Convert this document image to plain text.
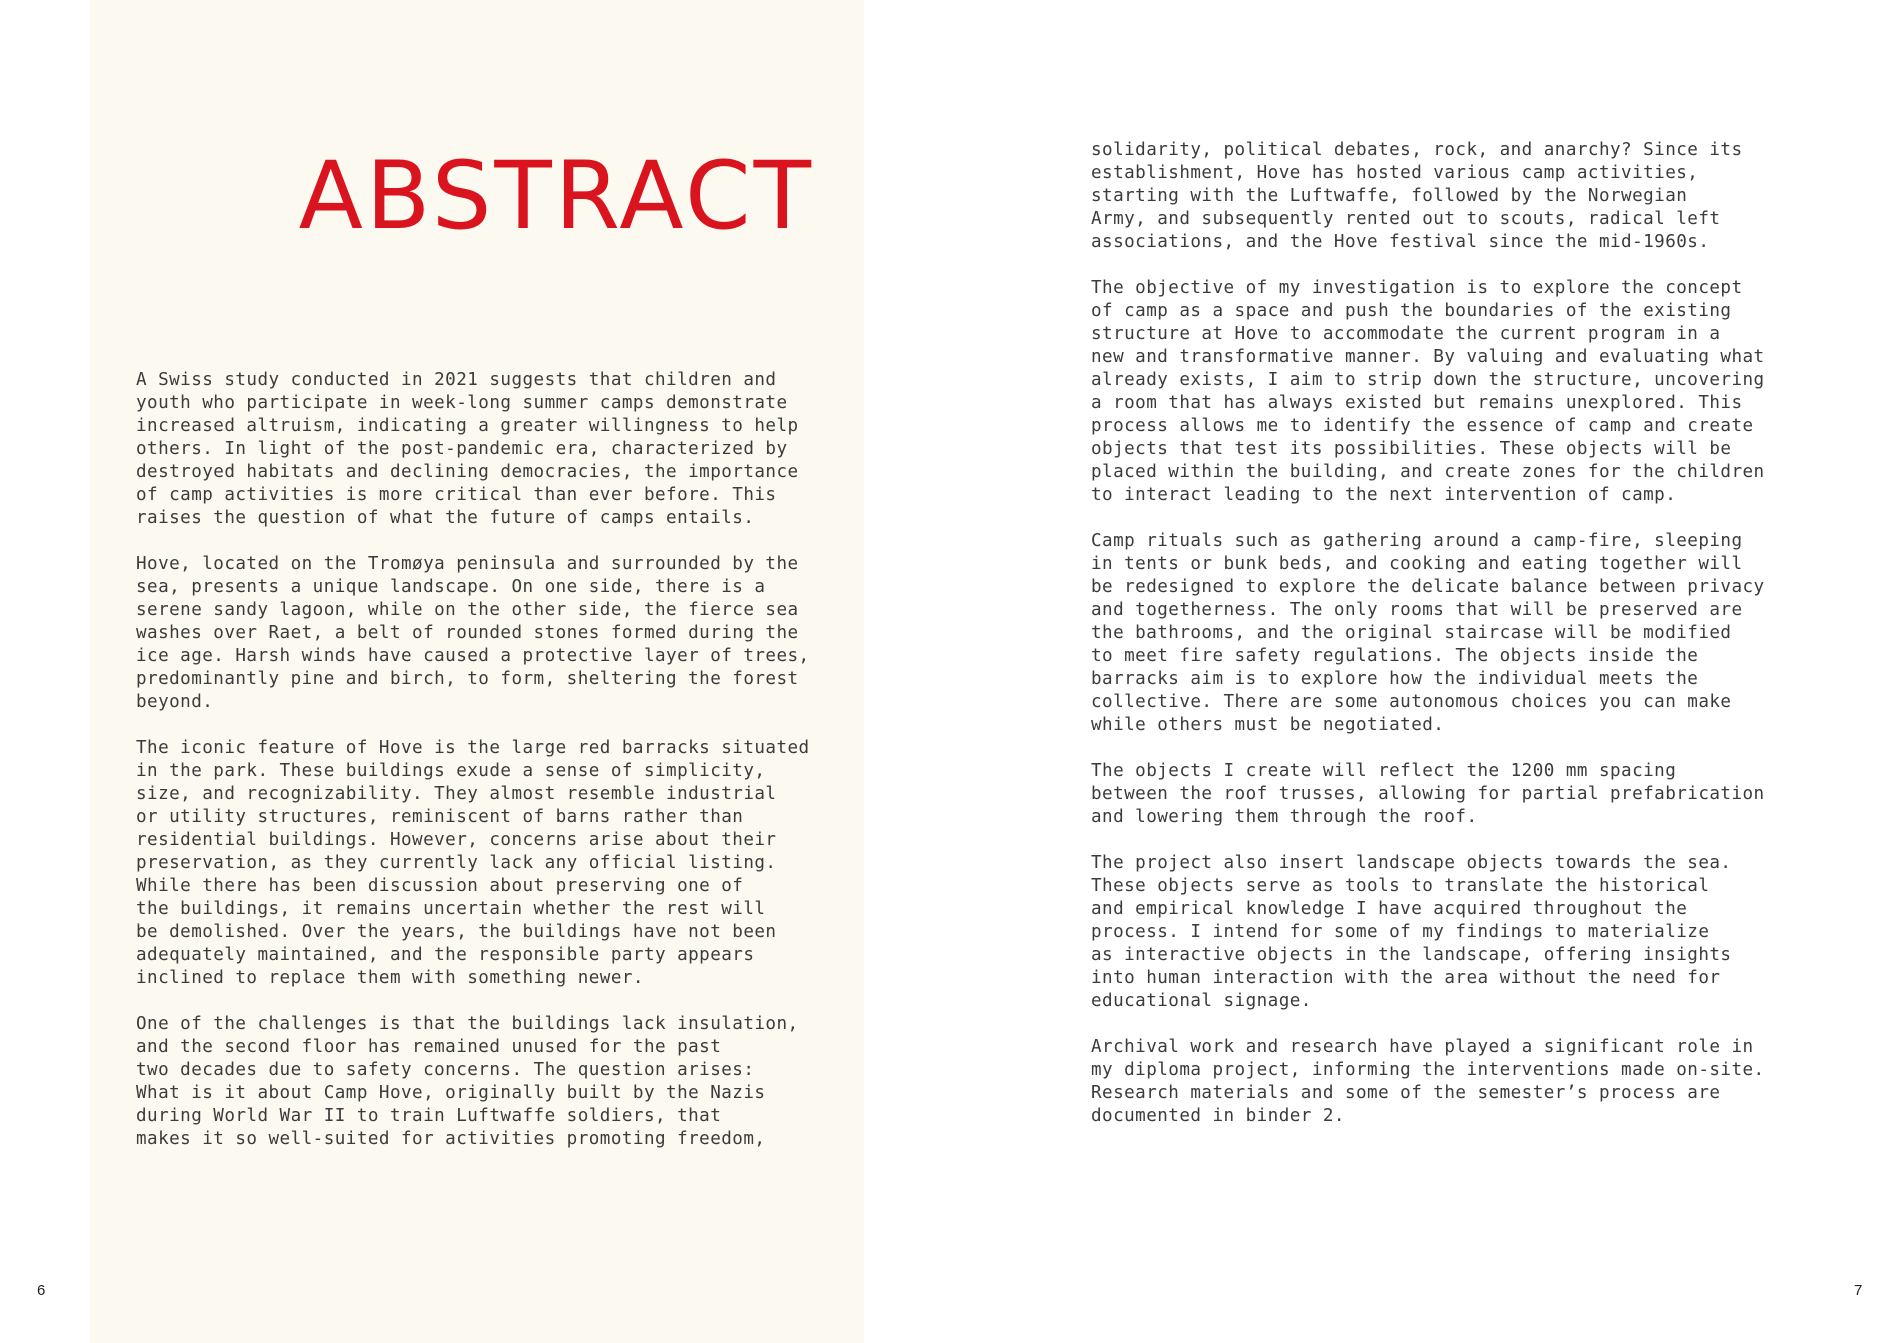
ABSTRACT

A Swiss study conducted in 2021 suggests that children and
youth who participate in week-long summer camps demonstrate
increased altruism, indicating a greater willingness to help
others. In light of the post-pandemic era, characterized by
destroyed habitats and declining democracies, the importance
of camp activities is more critical than ever before. This
raises the question of what the future of camps entails.

Hove, located on the Tromøya peninsula and surrounded by the
sea, presents a unique landscape. On one side, there is a
serene sandy lagoon, while on the other side, the fierce sea
washes over Raet, a belt of rounded stones formed during the
ice age. Harsh winds have caused a protective layer of trees,
predominantly pine and birch, to form, sheltering the forest
beyond.

The iconic feature of Hove is the large red barracks situated
in the park. These buildings exude a sense of simplicity,
size, and recognizability. They almost resemble industrial
or utility structures, reminiscent of barns rather than
residential buildings. However, concerns arise about their
preservation, as they currently lack any official listing.
While there has been discussion about preserving one of
the buildings, it remains uncertain whether the rest will
be demolished. Over the years, the buildings have not been
adequately maintained, and the responsible party appears
inclined to replace them with something newer.

One of the challenges is that the buildings lack insulation,
and the second floor has remained unused for the past
two decades due to safety concerns. The question arises:
What is it about Camp Hove, originally built by the Nazis
during World War II to train Luftwaffe soldiers, that
makes it so well-suited for activities promoting freedom,

solidarity, political debates, rock, and anarchy? Since its
establishment, Hove has hosted various camp activities,
starting with the Luftwaffe, followed by the Norwegian
Army, and subsequently rented out to scouts, radical left
associations, and the Hove festival since the mid-1960s.

The objective of my investigation is to explore the concept
of camp as a space and push the boundaries of the existing
structure at Hove to accommodate the current program in a
new and transformative manner. By valuing and evaluating what
already exists, I aim to strip down the structure, uncovering
a room that has always existed but remains unexplored. This
process allows me to identify the essence of camp and create
objects that test its possibilities. These objects will be
placed within the building, and create zones for the children
to interact leading to the next intervention of camp.

Camp rituals such as gathering around a camp-fire, sleeping
in tents or bunk beds, and cooking and eating together will
be redesigned to explore the delicate balance between privacy
and togetherness. The only rooms that will be preserved are
the bathrooms, and the original staircase will be modified
to meet fire safety regulations. The objects inside the
barracks aim is to explore how the individual meets the
collective. There are some autonomous choices you can make
while others must be negotiated.

The objects I create will reflect the 1200 mm spacing
between the roof trusses, allowing for partial prefabrication
and lowering them through the roof.

The project also insert landscape objects towards the sea.
These objects serve as tools to translate the historical
and empirical knowledge I have acquired throughout the
process. I intend for some of my findings to materialize
as interactive objects in the landscape, offering insights
into human interaction with the area without the need for
educational signage.

Archival work and research have played a significant role in
my diploma project, informing the interventions made on-site.
Research materials and some of the semester’s process are
documented in binder 2.

6	7
